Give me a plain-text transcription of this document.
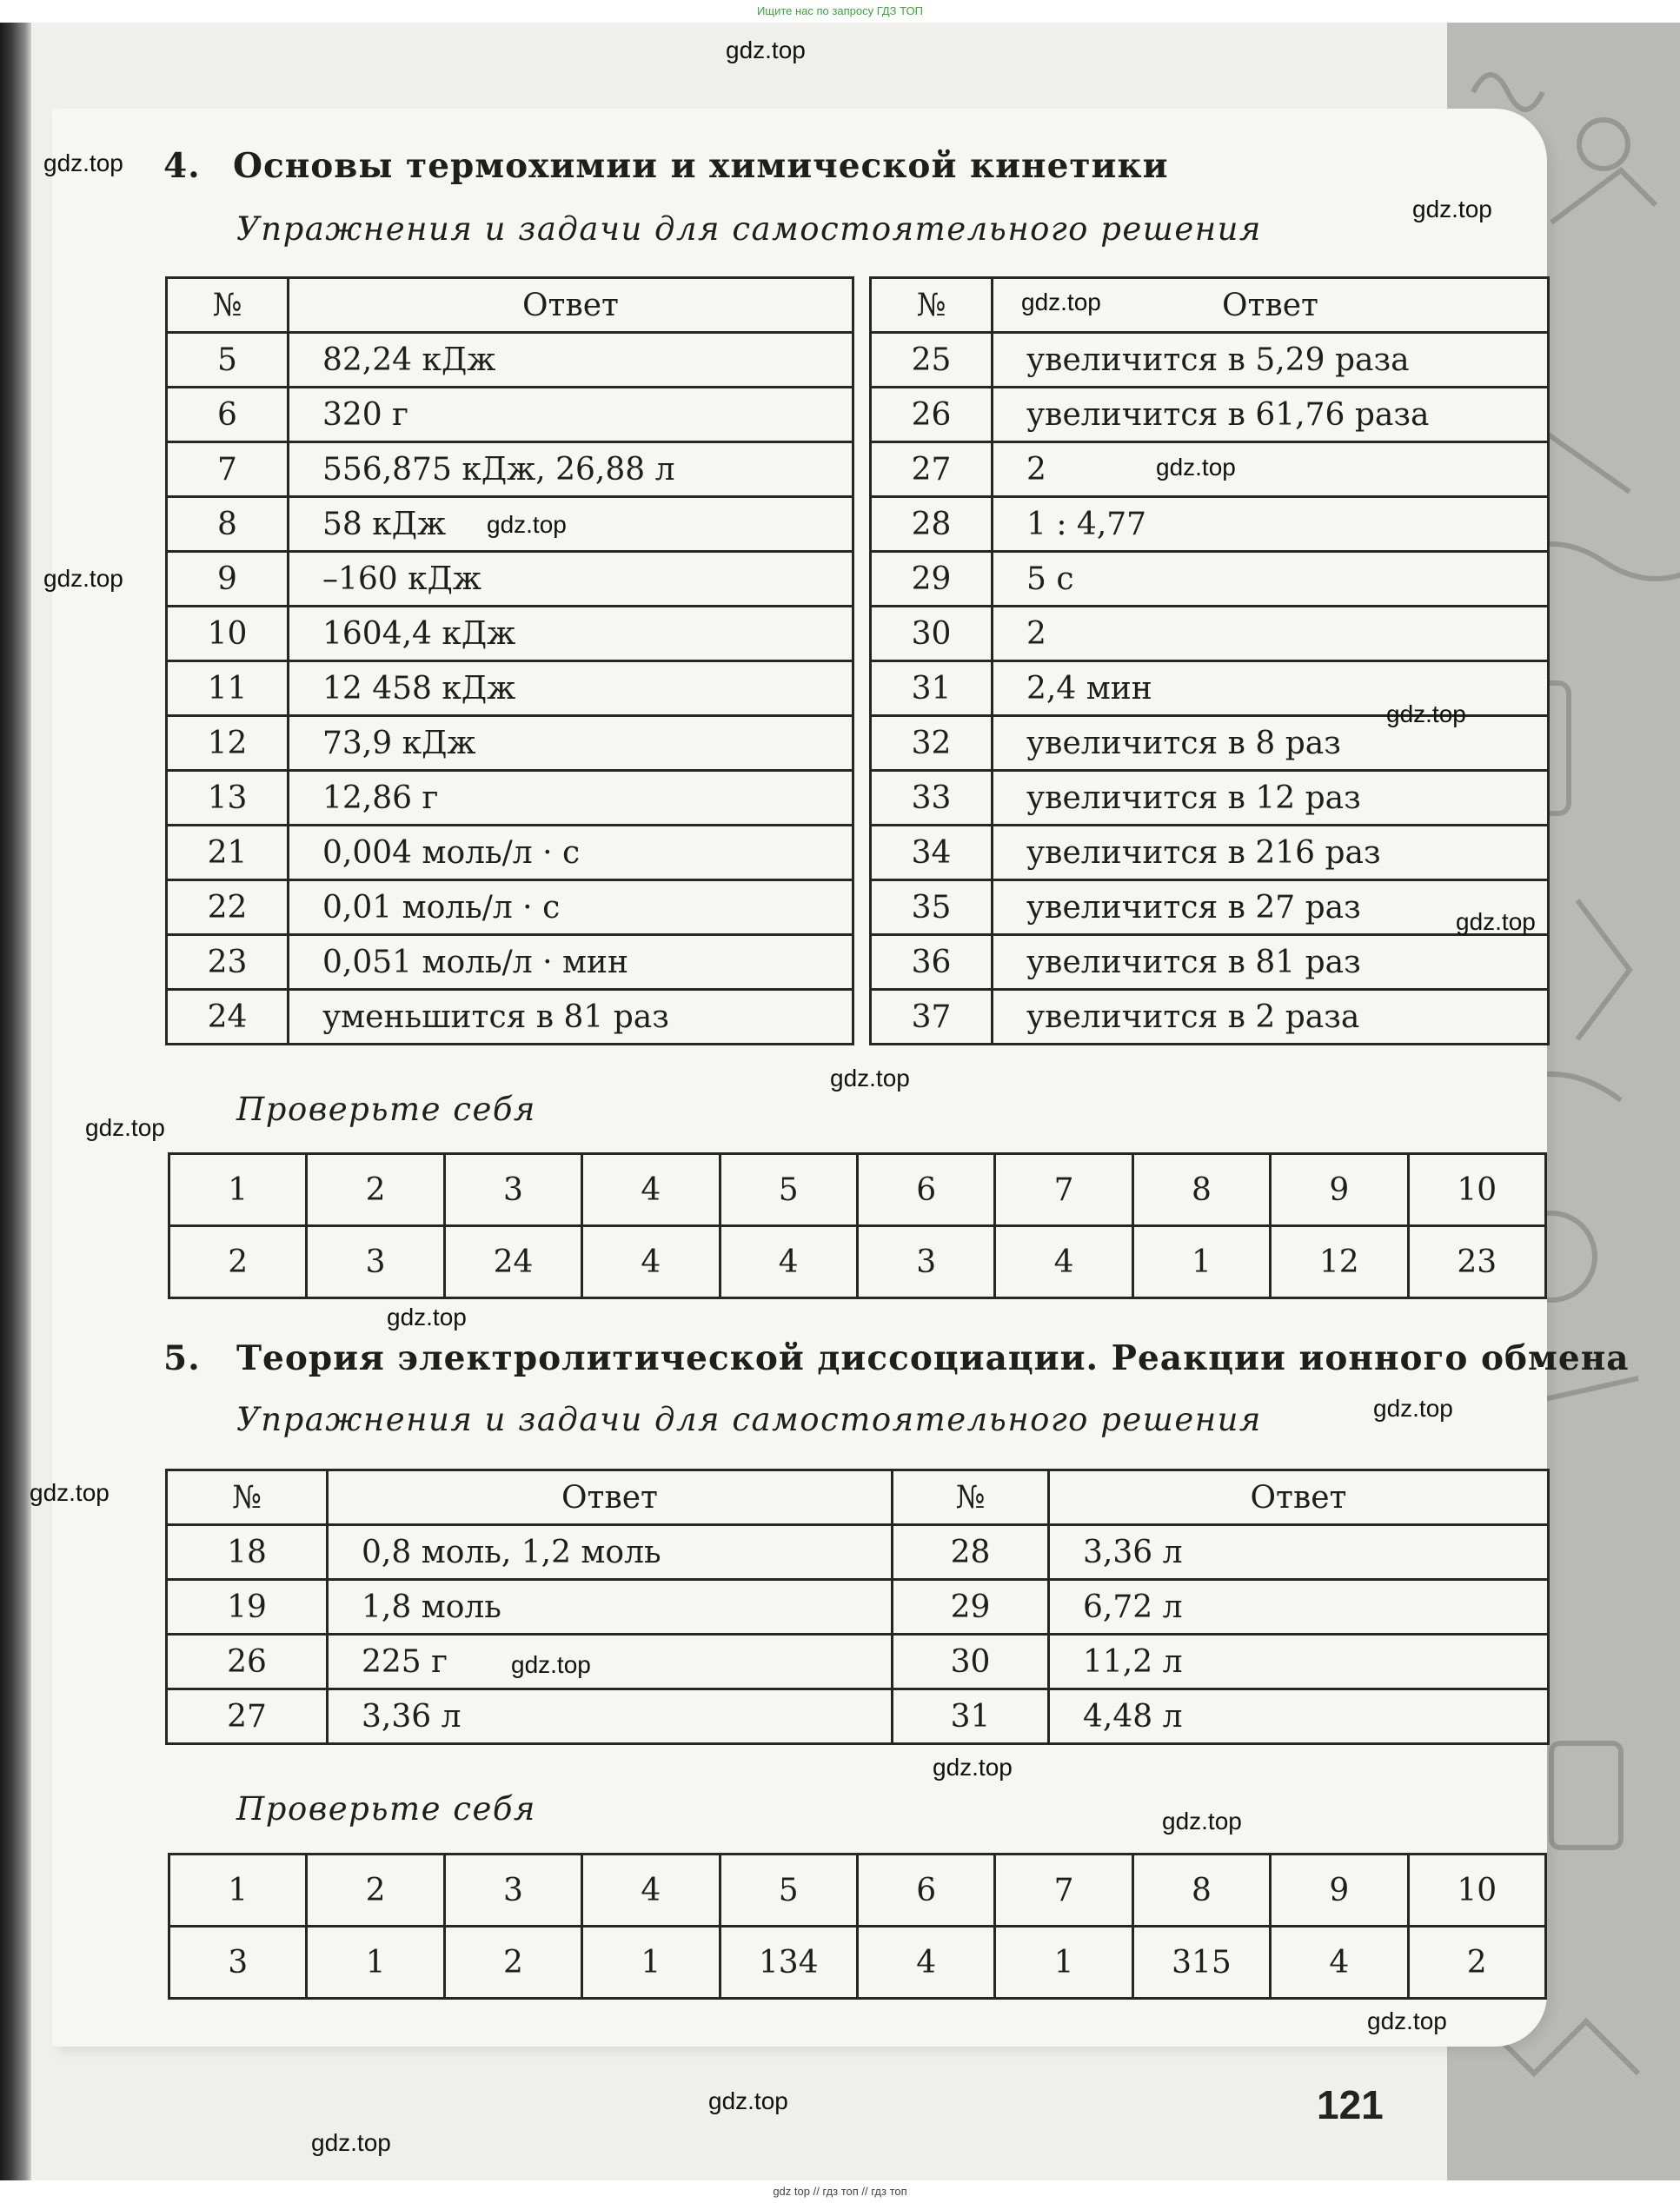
Ищите нас по запросу ГДЗ ТОП
4. Основы термохимии и химической кинетики
Упражнения и задачи для самостоятельного решения
№	Ответ		№	Ответ
5	82,24 кДж		25	увеличится в 5,29 раза
6	320 г		26	увеличится в 61,76 раза
7	556,875 кДж, 26,88 л		27	2
8	58 кДж		28	1 : 4,77
9	–160 кДж		29	5 с
10	1604,4 кДж		30	2
11	12 458 кДж		31	2,4 мин
12	73,9 кДж		32	увеличится в 8 раз
13	12,86 г		33	увеличится в 12 раз
21	0,004 моль/л · с		34	увеличится в 216 раз
22	0,01 моль/л · с		35	увеличится в 27 раз
23	0,051 моль/л · мин		36	увеличится в 81 раз
24	уменьшится в 81 раз		37	увеличится в 2 раза
Проверьте себя
1	2	3	4	5	6	7	8	9	10
2	3	24	4	4	3	4	1	12	23
5. Теория электролитической диссоциации. Реакции ионного обмена
Упражнения и задачи для самостоятельного решения
№	Ответ		№	Ответ
18	0,8 моль, 1,2 моль		28	3,36 л
19	1,8 моль		29	6,72 л
26	225 г		30	11,2 л
27	3,36 л		31	4,48 л
Проверьте себя
1	2	3	4	5	6	7	8	9	10
3	1	2	1	134	4	1	315	4	2
121
gdz.top
gdz.top
gdz.top
gdz.top
gdz.top
gdz.top
gdz.top
gdz.top
gdz.top
gdz.top
gdz.top
gdz.top
gdz.top
gdz.top
gdz.top
gdz.top
gdz.top
gdz.top
gdz.top
gdz.top
gdz top // гдз топ // гдз топ
